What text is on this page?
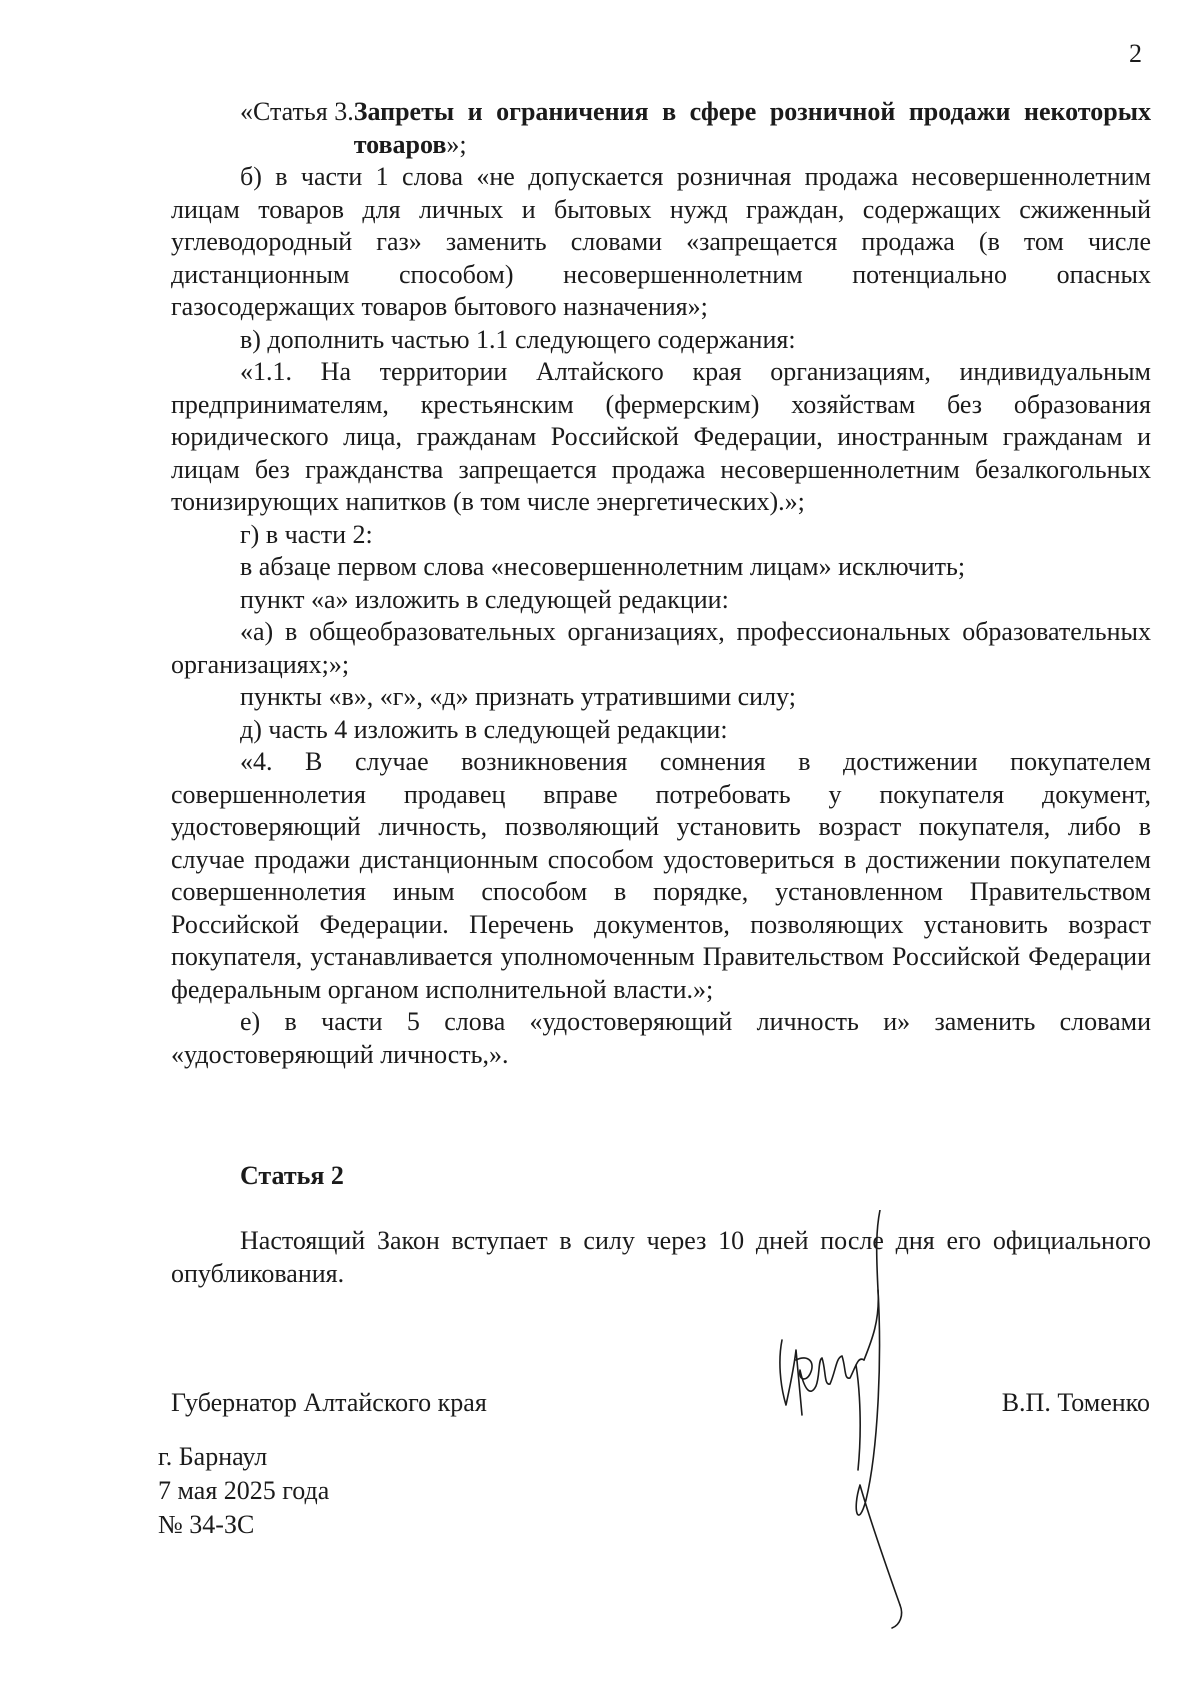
2
«Статья 3. Запреты и ограничения в сфере розничной продажи некоторых товаров»;

б) в части 1 слова «не допускается розничная продажа несовершеннолетним лицам товаров для личных и бытовых нужд граждан, содержащих сжиженный углеводородный газ» заменить словами «запрещается продажа (в том числе дистанционным способом) несовершеннолетним потенциально опасных газосодержащих товаров бытового назначения»;

в) дополнить частью 1.1 следующего содержания:

«1.1. На территории Алтайского края организациям, индивидуальным предпринимателям, крестьянским (фермерским) хозяйствам без образования юридического лица, гражданам Российской Федерации, иностранным гражданам и лицам без гражданства запрещается продажа несовершеннолетним безалкогольных тонизирующих напитков (в том числе энергетических).»;

г) в части 2:

в абзаце первом слова «несовершеннолетним лицам» исключить;

пункт «а» изложить в следующей редакции:

«а) в общеобразовательных организациях, профессиональных образовательных организациях;»;

пункты «в», «г», «д» признать утратившими силу;

д) часть 4 изложить в следующей редакции:

«4. В случае возникновения сомнения в достижении покупателем совершеннолетия продавец вправе потребовать у покупателя документ, удостоверяющий личность, позволяющий установить возраст покупателя, либо в случае продажи дистанционным способом удостовериться в достижении покупателем совершеннолетия иным способом в порядке, установленном Правительством Российской Федерации. Перечень документов, позволяющих установить возраст покупателя, устанавливается уполномоченным Правительством Российской Федерации федеральным органом исполнительной власти.»;

е) в части 5 слова «удостоверяющий личность и» заменить словами «удостоверяющий личность,».

Статья 2

Настоящий Закон вступает в силу через 10 дней после дня его официального опубликования.

Губернатор Алтайского края	В.П. Томенко
г. Барнаул
7 мая 2025 года
№ 34-ЗС
